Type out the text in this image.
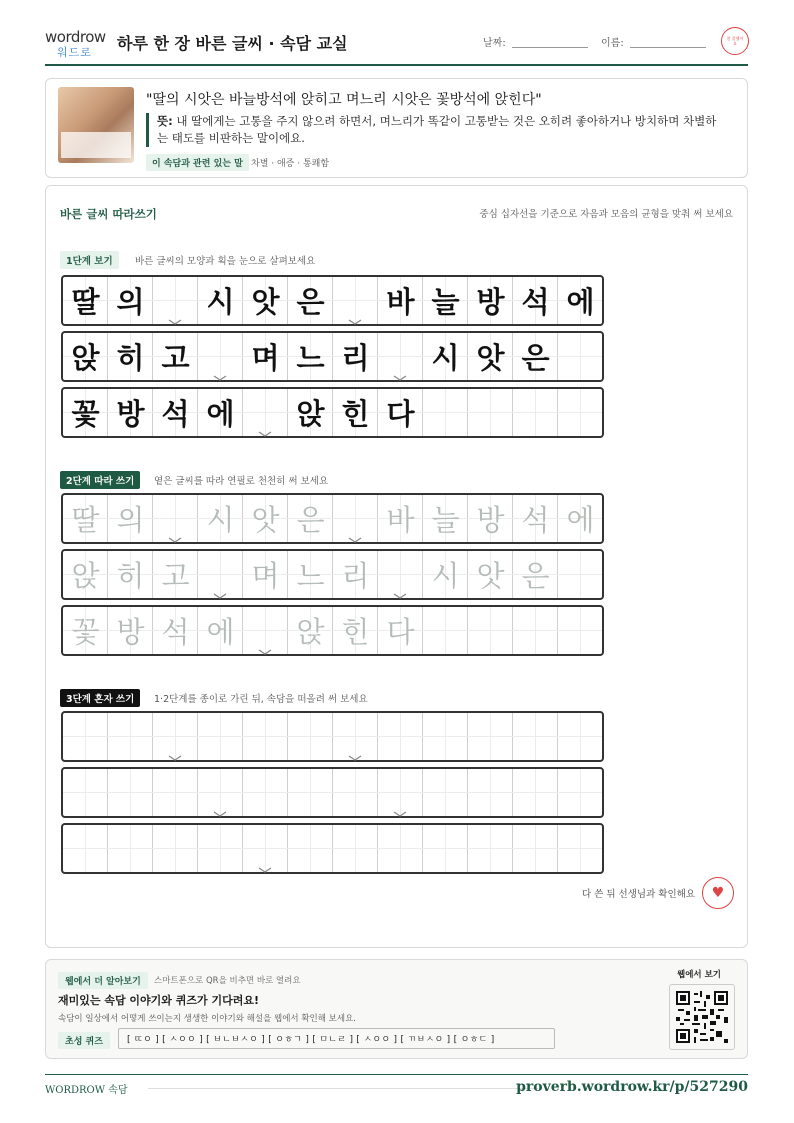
wordrow
워드로 하루 한 장 바른 글씨 · 속담 교실	날짜:	이름:	참 잘했어요
"딸의 시앗은 바늘방석에 앉히고 며느리 시앗은 꽃방석에 앉힌다"
뜻: 내 딸에게는 고통을 주지 않으려 하면서, 며느리가 똑같이 고통받는 것은 오히려 좋아하거나 방치하며 차별하는 태도를 비판하는 말이에요.
이 속담과 관련 있는 말 차별 · 애증 · 통쾌함
바른 글씨 따라쓰기	중심 십자선을 기준으로 자음과 모음의 균형을 맞춰 써 보세요
1단계 보기	바른 글씨의 모양과 획을 눈으로 살펴보세요
2단계 따라 쓰기	옅은 글씨를 따라 연필로 천천히 써 보세요
3단계 혼자 쓰기	1·2단계를 종이로 가린 뒤, 속담을 떠올려 써 보세요
다 쓴 뒤 선생님과 확인해요	♥
딸 의 시 앗 은 바 늘 방 석 에
앉 히 고 며 느 리 시 앗 은
꽃 방 석 에 앉 힌 다
딸 의 시 앗 은 바 늘 방 석 에
앉 히 고 며 느 리 시 앗 은
꽃 방 석 에 앉 힌 다
웹에서 더 알아보기	스마트폰으로 QR을 비추면 바로 열려요
재미있는 속담 이야기와 퀴즈가 기다려요!
속담이 일상에서 어떻게 쓰이는지 생생한 이야기와 해설을 웹에서 확인해 보세요.
초성 퀴즈	[ ㄸㅇ ] [ ㅅㅇㅇ ] [ ㅂㄴㅂㅅㅇ ] [ ㅇㅎㄱ ] [ ㅁㄴㄹ ] [ ㅅㅇㅇ ] [ ㄲㅂㅅㅇ ] [ ㅇㅎㄷ ]
웹에서 보기
WORDROW 속담	proverb.wordrow.kr/p/527290
